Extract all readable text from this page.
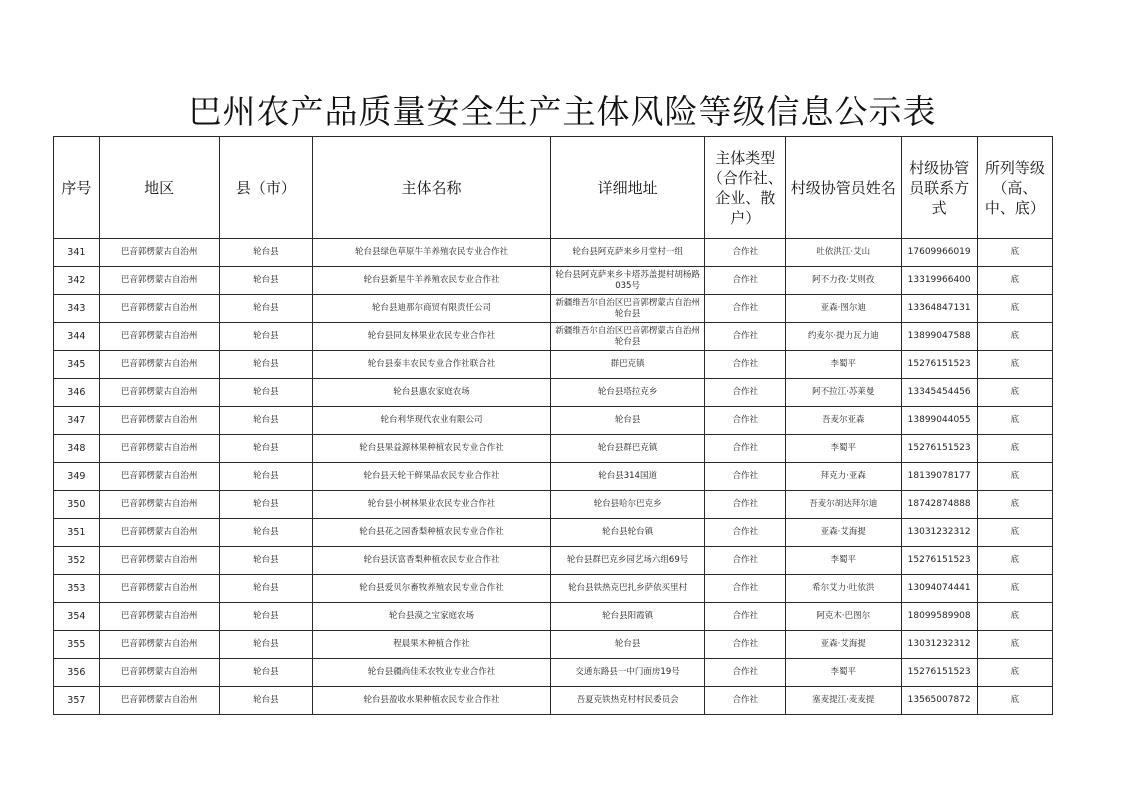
巴州农产品质量安全生产主体风险等级信息公示表
序号	地区	县（市）	主体名称	详细地址	主体类型（合作社、企业、散户）	村级协管员姓名	村级协管员联系方式	所列等级（高、中、底）
341	巴音郭楞蒙古自治州	轮台县	轮台县绿色草原牛羊养殖农民专业合作社	轮台县阿克萨来乡月堂村一组	合作社	吐依洪江·艾山	17609966019	底
342	巴音郭楞蒙古自治州	轮台县	轮台县新星牛羊养殖农民专业合作社	轮台县阿克萨来乡卡塔苏盖提村胡杨路035号	合作社	阿不力孜·艾则孜	13319966400	底
343	巴音郭楞蒙古自治州	轮台县	轮台县迪那尔商贸有限责任公司	新疆维吾尔自治区巴音郭楞蒙古自治州轮台县	合作社	亚森·图尔迪	13364847131	底
344	巴音郭楞蒙古自治州	轮台县	轮台县同友林果业农民专业合作社	新疆维吾尔自治区巴音郭楞蒙古自治州轮台县	合作社	约麦尔·提力瓦力迪	13899047588	底
345	巴音郭楞蒙古自治州	轮台县	轮台县泰丰农民专业合作社联合社	群巴克镇	合作社	李蜀平	15276151523	底
346	巴音郭楞蒙古自治州	轮台县	轮台县惠农家庭农场	轮台县塔拉克乡	合作社	阿不拉江·苏莱曼	13345454456	底
347	巴音郭楞蒙古自治州	轮台县	轮台利华现代农业有限公司	轮台县	合作社	吾麦尔亚森	13899044055	底
348	巴音郭楞蒙古自治州	轮台县	轮台县果益源林果种植农民专业合作社	轮台县群巴克镇	合作社	李蜀平	15276151523	底
349	巴音郭楞蒙古自治州	轮台县	轮台县天轮干鲜果品农民专业合作社	轮台县314国道	合作社	拜克力·亚森	18139078177	底
350	巴音郭楞蒙古自治州	轮台县	轮台县小树林果业农民专业合作社	轮台县哈尔巴克乡	合作社	吾麦尔胡达拜尔迪	18742874888	底
351	巴音郭楞蒙古自治州	轮台县	轮台县花之园香梨种植农民专业合作社	轮台县轮台镇	合作社	亚森·艾海提	13031232312	底
352	巴音郭楞蒙古自治州	轮台县	轮台县沃富香梨种植农民专业合作社	轮台县群巴克乡园艺场六组69号	合作社	李蜀平	15276151523	底
353	巴音郭楞蒙古自治州	轮台县	轮台县爱贝尔畜牧养殖农民专业合作社	轮台县铁热克巴扎乡萨依买里村	合作社	希尔艾力·吐依洪	13094074441	底
354	巴音郭楞蒙古自治州	轮台县	轮台县漠之宝家庭农场	轮台县阳霞镇	合作社	阿克木·巴图尔	18099589908	底
355	巴音郭楞蒙古自治州	轮台县	程晨果木种植合作社	轮台县	合作社	亚森·艾海提	13031232312	底
356	巴音郭楞蒙古自治州	轮台县	轮台县疆尚佳禾农牧业专业合作社	交通东路县一中门面房19号	合作社	李蜀平	15276151523	底
357	巴音郭楞蒙古自治州	轮台县	轮台县盈收水果种植农民专业合作社	吾夏克铁热克村村民委员会	合作社	塞麦提江·麦麦提	13565007872	底
